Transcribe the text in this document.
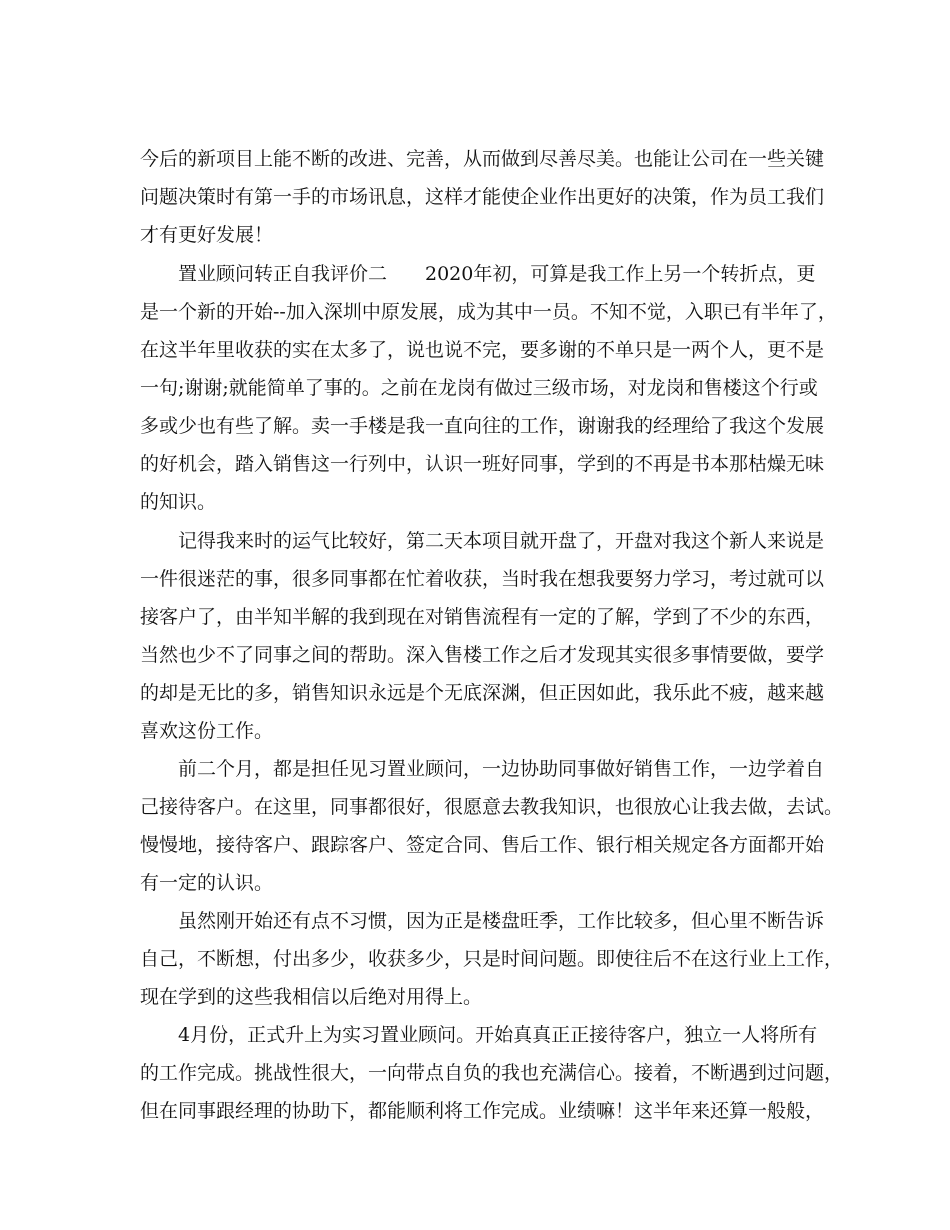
今后的新项目上能不断的改进、完善，从而做到尽善尽美。也能让公司在一些关键

问题决策时有第一手的市场讯息，这样才能使企业作出更好的决策，作为员工我们

才有更好发展！

置业顾问转正自我评价二　　2020年初，可算是我工作上另一个转折点，更

是一个新的开始--加入深圳中原发展，成为其中一员。不知不觉，入职已有半年了，

在这半年里收获的实在太多了，说也说不完，要多谢的不单只是一两个人，更不是

一句;谢谢;就能简单了事的。之前在龙岗有做过三级市场，对龙岗和售楼这个行或

多或少也有些了解。卖一手楼是我一直向往的工作，谢谢我的经理给了我这个发展

的好机会，踏入销售这一行列中，认识一班好同事，学到的不再是书本那枯燥无味

的知识。

记得我来时的运气比较好，第二天本项目就开盘了，开盘对我这个新人来说是

一件很迷茫的事，很多同事都在忙着收获，当时我在想我要努力学习，考过就可以

接客户了，由半知半解的我到现在对销售流程有一定的了解，学到了不少的东西，

当然也少不了同事之间的帮助。深入售楼工作之后才发现其实很多事情要做，要学

的却是无比的多，销售知识永远是个无底深渊，但正因如此，我乐此不疲，越来越

喜欢这份工作。

前二个月，都是担任见习置业顾问，一边协助同事做好销售工作，一边学着自

己接待客户。在这里，同事都很好，很愿意去教我知识，也很放心让我去做，去试。

慢慢地，接待客户、跟踪客户、签定合同、售后工作、银行相关规定各方面都开始

有一定的认识。

虽然刚开始还有点不习惯，因为正是楼盘旺季，工作比较多，但心里不断告诉

自己，不断想，付出多少，收获多少，只是时间问题。即使往后不在这行业上工作，

现在学到的这些我相信以后绝对用得上。

4月份，正式升上为实习置业顾问。开始真真正正接待客户，独立一人将所有

的工作完成。挑战性很大，一向带点自负的我也充满信心。接着，不断遇到过问题，

但在同事跟经理的协助下，都能顺利将工作完成。业绩嘛！这半年来还算一般般，
